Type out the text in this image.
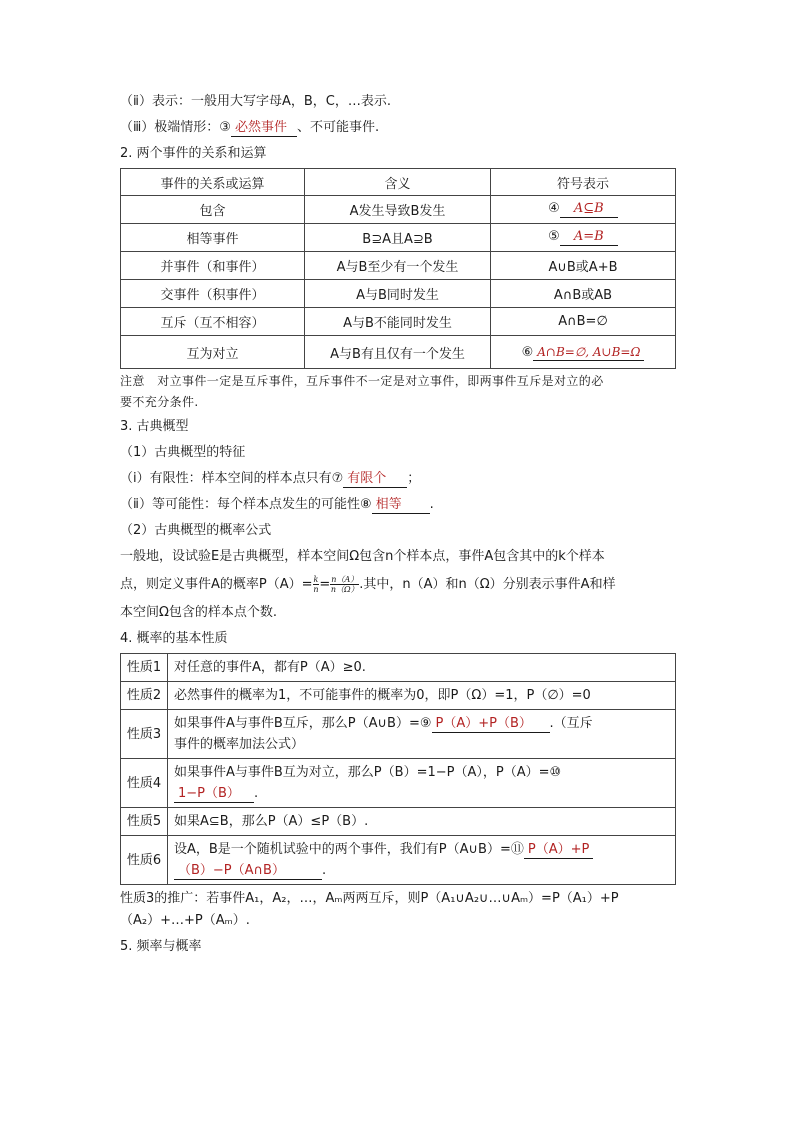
（ⅱ）表示：一般用大写字母A，B，C，…表示.
（ⅲ）极端情形：③ 必然事件 、不可能事件.
2. 两个事件的关系和运算
事件的关系或运算	含义	符号表示
包含	A发生导致B发生	④ A⊆B
相等事件	B⊇A且A⊇B	⑤ A=B
并事件（和事件）	A与B至少有一个发生	A∪B或A+B
交事件（积事件）	A与B同时发生	A∩B或AB
互斥（互不相容）	A与B不能同时发生	A∩B=∅
互为对立	A与B有且仅有一个发生	⑥ A∩B=∅, A∪B=Ω
注意　对立事件一定是互斥事件，互斥事件不一定是对立事件，即两事件互斥是对立的必
要不充分条件.
3. 古典概型
（1）古典概型的特征
（ⅰ）有限性：样本空间的样本点只有⑦ 有限个 ；
（ⅱ）等可能性：每个样本点发生的可能性⑧ 相等 .
（2）古典概型的概率公式
一般地，设试验E是古典概型，样本空间Ω包含n个样本点，事件A包含其中的k个样本
点，则定义事件A的概率$P(A)= \frac{k}{n} = \frac{n(A)}{n(\Omega)}$ .其中，n（A）和n（Ω）分别表示事件A和样
本空间Ω包含的样本点个数.
4. 概率的基本性质
性质1	对任意的事件A，都有P（A）≥0.
性质2	必然事件的概率为1，不可能事件的概率为0，即P（Ω）=1，P（∅）=0
性质3	如果事件A与事件B互斥，那么P（A∪B）=⑨ P（A）+P（B） .（互斥
事件的概率加法公式）

性质4	如果事件A与事件B互为对立，那么P（B）=1−P（A），P（A）=⑩
1−P（B） .

性质5	如果A⊆B，那么P（A）≤P（B）.
性质6	设A，B是一个随机试验中的两个事件，我们有P（A∪B）=⑪ P（A）+P
（B）−P（A∩B） .
性质3的推广：若事件A₁，A₂，…，Aₘ两两互斥，则P（A₁∪A₂∪…∪Aₘ）=P（A₁）+P
（A₂）+…+P（Aₘ）.
5. 频率与概率
